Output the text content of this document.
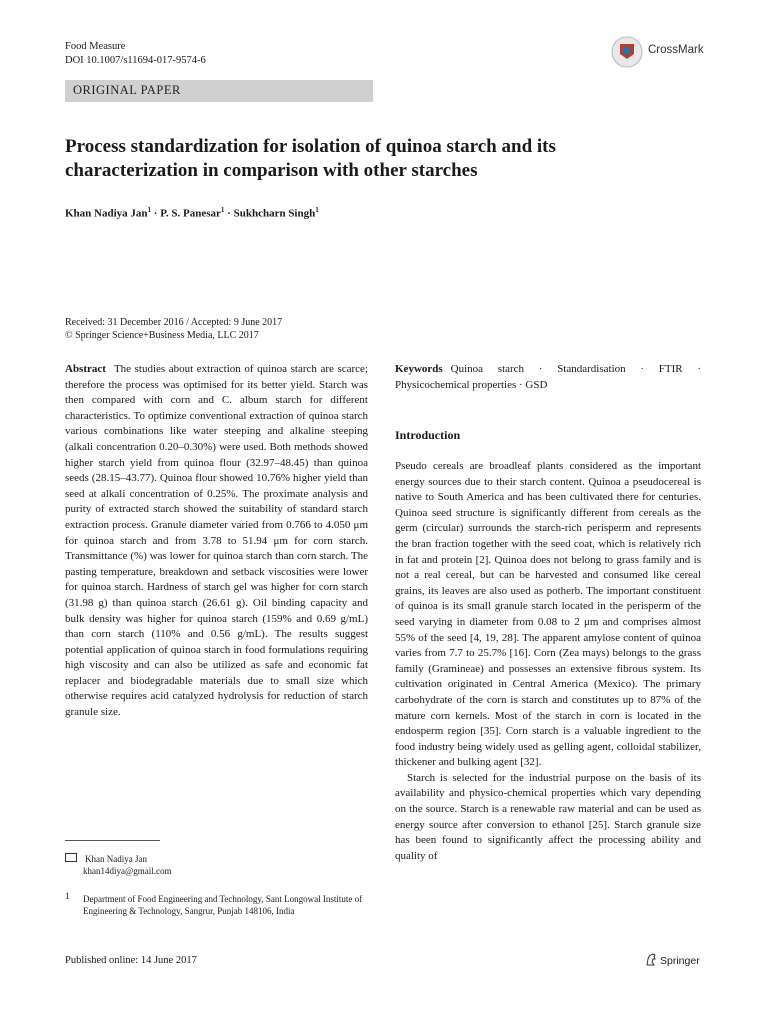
Food Measure
DOI 10.1007/s11694-017-9574-6
CrossMark
ORIGINAL PAPER
Process standardization for isolation of quinoa starch and its characterization in comparison with other starches
Khan Nadiya Jan$^1$ · P. S. Panesar$^1$ · Sukhcharn Singh$^1$
Received: 31 December 2016 / Accepted: 9 June 2017
© Springer Science+Business Media, LLC 2017
Abstract The studies about extraction of quinoa starch are scarce; therefore the process was optimised for its better yield. Starch was then compared with corn and C. album starch for different characteristics. To optimize conventional extraction of quinoa starch various combinations like water steeping and alkaline steeping (alkali concentration 0.20–0.30%) were used. Both methods showed higher starch yield from quinoa flour (32.97–48.45) than quinoa seeds (28.15–43.77). Quinoa flour showed 10.76% higher yield than seed at alkali concentration of 0.25%. The proximate analysis and purity of extracted starch showed the suitability of standard starch extraction process. Granule diameter varied from 0.766 to 4.050 μm for quinoa starch and from 3.78 to 51.94 μm for corn starch. Transmittance (%) was lower for quinoa starch than corn starch. The pasting temperature, breakdown and setback viscosities were lower for quinoa starch. Hardness of starch gel was higher for corn starch (31.98 g) than quinoa starch (26.61 g). Oil binding capacity and bulk density was higher for quinoa starch (159% and 0.69 g/mL) than corn starch (110% and 0.56 g/mL). The results suggest potential application of quinoa starch in food formulations requiring high viscosity and can also be utilized as safe and economic fat replacer and biodegradable materials due to small size which otherwise requires acid catalyzed hydrolysis for reduction of starch granule size.
Keywords Quinoa starch · Standardisation · FTIR · Physicochemical properties · GSD
Introduction
Pseudo cereals are broadleaf plants considered as the important energy sources due to their starch content. Quinoa a pseudocereal is native to South America and has been cultivated there for centuries. Quinoa seed structure is significantly different from cereals as the germ (circular) surrounds the starch-rich perisperm and represents the bran fraction together with the seed coat, which is relatively rich in fat and protein [2]. Quinoa does not belong to grass family and is not a real cereal, but can be harvested and consumed like cereal grains, its leaves are also used as potherb. The important constituent of quinoa is its small granule starch located in the perisperm of the seed varying in diameter from 0.08 to 2 μm and comprises almost 55% of the seed [4, 19, 28]. The apparent amylose content of quinoa varies from 7.7 to 25.7% [16]. Corn (Zea mays) belongs to the grass family (Gramineae) and possesses an extensive fibrous system. Its cultivation originated in Central America (Mexico). The primary carbohydrate of the corn is starch and constitutes up to 87% of the mature corn kernels. Most of the starch in corn is located in the endosperm region [35]. Corn starch is a valuable ingredient to the food industry being widely used as gelling agent, colloidal stabilizer, thickener and bulking agent [32].
Starch is selected for the industrial purpose on the basis of its availability and physico-chemical properties which vary depending on the source. Starch is a renewable raw material and can be used as energy source after conversion to ethanol [25]. Starch granule size has been found to significantly affect the processing ability and quality of
Khan Nadiya Jan
khan14diya@gmail.com
1 Department of Food Engineering and Technology, Sant Longowal Institute of Engineering & Technology, Sangrur, Punjab 148106, India
Published online: 14 June 2017	Springer
